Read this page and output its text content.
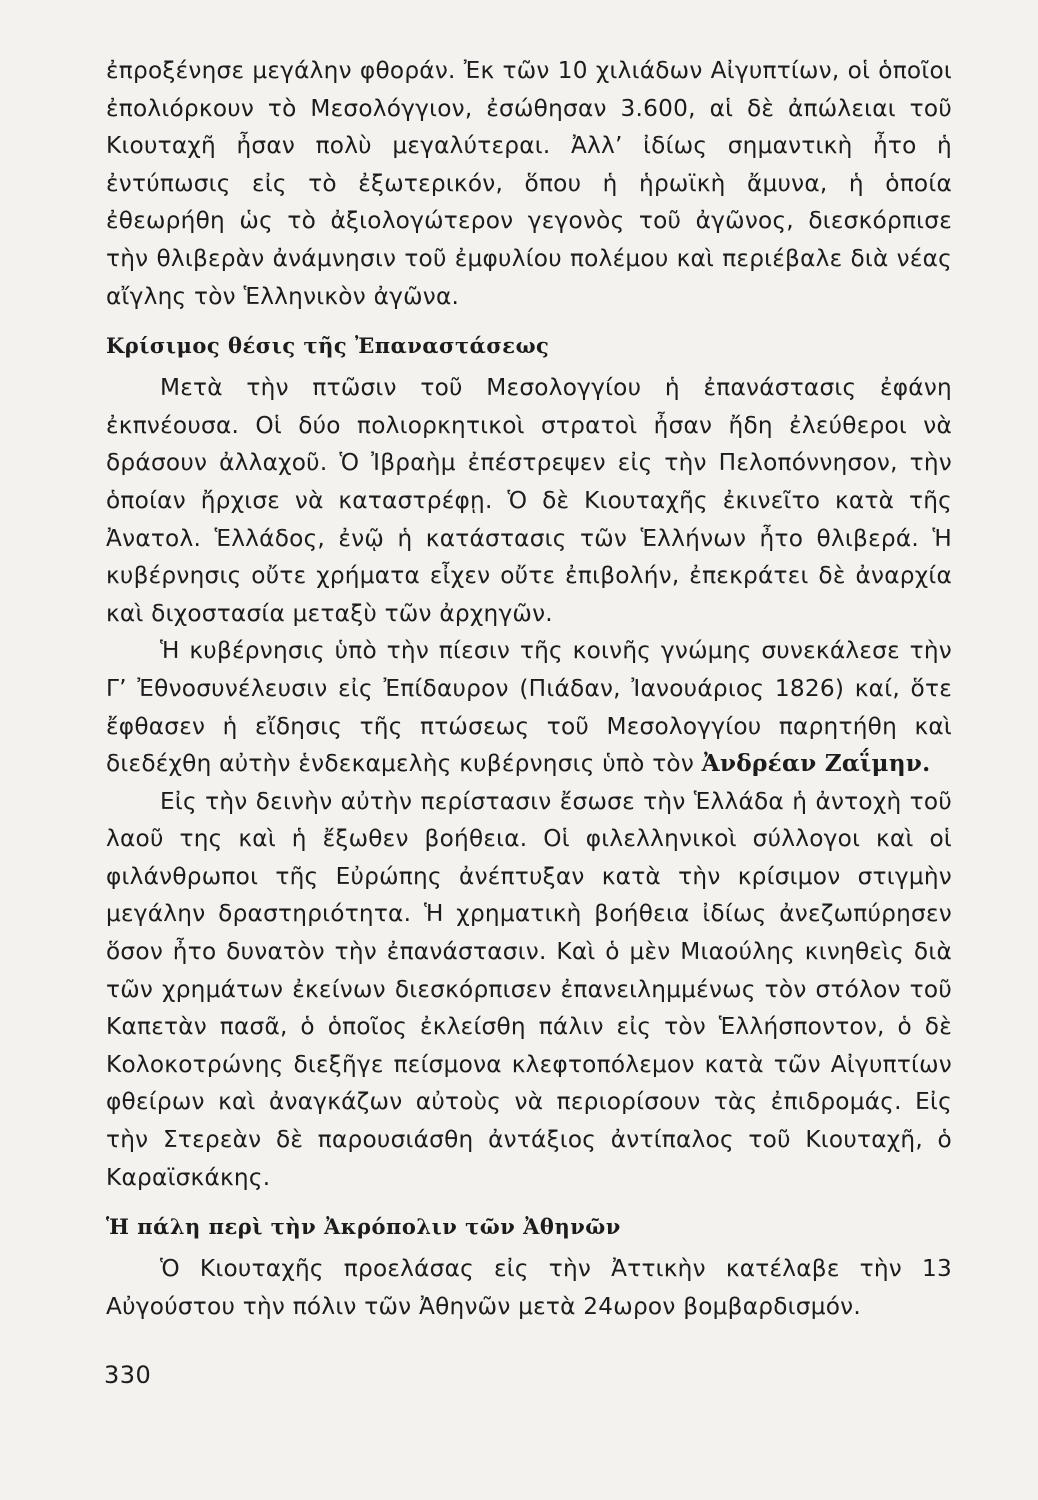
ἐπροξένησε μεγάλην φθοράν. Ἐκ τῶν 10 χιλιάδων Αἰγυπτίων, οἱ ὁποῖοι ἐπολιόρκουν τὸ Μεσολόγγιον, ἐσώθησαν 3.600, αἱ δὲ ἀπώλειαι τοῦ Κιουταχῆ ἦσαν πολὺ μεγαλύτεραι. Ἀλλ’ ἰδίως σημαντικὴ ἦτο ἡ ἐντύπωσις εἰς τὸ ἐξωτερικόν, ὅπου ἡ ἡρωϊκὴ ἄμυνα, ἡ ὁποία ἐθεωρήθη ὡς τὸ ἀξιολογώτερον γεγονὸς τοῦ ἀγῶνος, διεσκόρπισε τὴν θλιβερὰν ἀνάμνησιν τοῦ ἐμφυλίου πολέμου καὶ περιέβαλε διὰ νέας αἴγλης τὸν Ἑλληνικὸν ἀγῶνα.

Κρίσιμος θέσις τῆς Ἐπαναστάσεως

Μετὰ τὴν πτῶσιν τοῦ Μεσολογγίου ἡ ἐπανάστασις ἐφάνη ἐκπνέουσα. Οἱ δύο πολιορκητικοὶ στρατοὶ ἦσαν ἤδη ἐλεύθεροι νὰ δράσουν ἀλλαχοῦ. Ὁ Ἰβραὴμ ἐπέστρεψεν εἰς τὴν Πελοπόννησον, τὴν ὁποίαν ἤρχισε νὰ καταστρέφῃ. Ὁ δὲ Κιουταχῆς ἐκινεῖτο κατὰ τῆς Ἀνατολ. Ἑλλάδος, ἐνῷ ἡ κατάστασις τῶν Ἑλλήνων ἦτο θλιβερά. Ἡ κυβέρνησις οὔτε χρήματα εἶχεν οὔτε ἐπιβολήν, ἐπεκράτει δὲ ἀναρχία καὶ διχοστασία μεταξὺ τῶν ἀρχηγῶν.

Ἡ κυβέρνησις ὑπὸ τὴν πίεσιν τῆς κοινῆς γνώμης συνεκάλεσε τὴν Γ’ Ἐθνοσυνέλευσιν εἰς Ἐπίδαυρον (Πιάδαν, Ἰανουάριος 1826) καί, ὅτε ἔφθασεν ἡ εἴδησις τῆς πτώσεως τοῦ Μεσολογγίου παρητήθη καὶ διεδέχθη αὐτὴν ἑνδεκαμελὴς κυβέρνησις ὑπὸ τὸν Ἀνδρέαν Ζαΐμην.

Εἰς τὴν δεινὴν αὐτὴν περίστασιν ἔσωσε τὴν Ἑλλάδα ἡ ἀντοχὴ τοῦ λαοῦ της καὶ ἡ ἔξωθεν βοήθεια. Οἱ φιλελληνικοὶ σύλλογοι καὶ οἱ φιλάνθρωποι τῆς Εὐρώπης ἀνέπτυξαν κατὰ τὴν κρίσιμον στιγμὴν μεγάλην δραστηριότητα. Ἡ χρηματικὴ βοήθεια ἰδίως ἀνεζωπύρησεν ὅσον ἦτο δυνατὸν τὴν ἐπανάστασιν. Καὶ ὁ μὲν Μιαούλης κινηθεὶς διὰ τῶν χρημάτων ἐκείνων διεσκόρπισεν ἐπανειλημμένως τὸν στόλον τοῦ Καπετὰν πασᾶ, ὁ ὁποῖος ἐκλείσθη πάλιν εἰς τὸν Ἑλλήσποντον, ὁ δὲ Κολοκοτρώνης διεξῆγε πείσμονα κλεφτοπόλεμον κατὰ τῶν Αἰγυπτίων φθείρων καὶ ἀναγκάζων αὐτοὺς νὰ περιορίσουν τὰς ἐπιδρομάς. Εἰς τὴν Στερεὰν δὲ παρουσιάσθη ἀντάξιος ἀντίπαλος τοῦ Κιουταχῆ, ὁ Καραϊσκάκης.

Ἡ πάλη περὶ τὴν Ἀκρόπολιν τῶν Ἀθηνῶν

Ὁ Κιουταχῆς προελάσας εἰς τὴν Ἀττικὴν κατέλαβε τὴν 13 Αὐγούστου τὴν πόλιν τῶν Ἀθηνῶν μετὰ 24ωρον βομβαρδισμόν.

330
